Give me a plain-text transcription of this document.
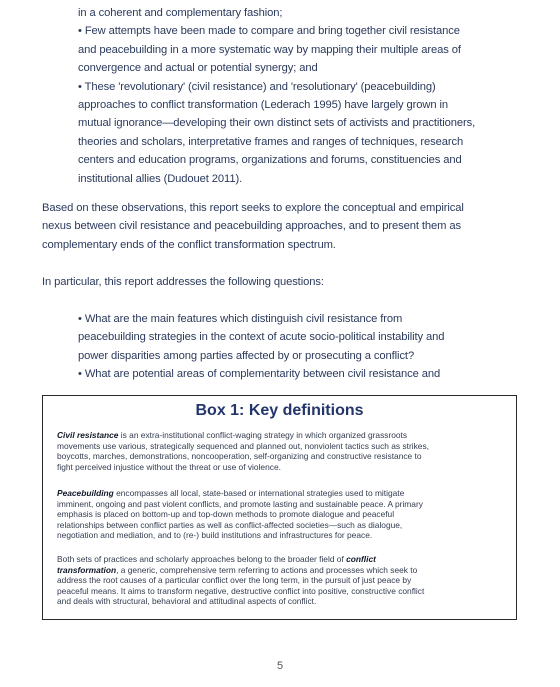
in a coherent and complementary fashion;
• Few attempts have been made to compare and bring together civil resistance
and peacebuilding in a more systematic way by mapping their multiple areas of
convergence and actual or potential synergy; and
• These 'revolutionary' (civil resistance) and 'resolutionary' (peacebuilding)
approaches to conflict transformation (Lederach 1995) have largely grown in
mutual ignorance—developing their own distinct sets of activists and practitioners,
theories and scholars, interpretative frames and ranges of techniques, research
centers and education programs, organizations and forums, constituencies and
institutional allies (Dudouet 2011).
Based on these observations, this report seeks to explore the conceptual and empirical
nexus between civil resistance and peacebuilding approaches, and to present them as
complementary ends of the conflict transformation spectrum.
In particular, this report addresses the following questions:
• What are the main features which distinguish civil resistance from
peacebuilding strategies in the context of acute socio-political instability and
power disparities among parties affected by or prosecuting a conflict?
• What are potential areas of complementarity between civil resistance and
Box 1: Key definitions
Civil resistance is an extra-institutional conflict-waging strategy in which organized grassroots
movements use various, strategically sequenced and planned out, nonviolent tactics such as strikes,
boycotts, marches, demonstrations, noncooperation, self-organizing and constructive resistance to
fight perceived injustice without the threat or use of violence.
Peacebuilding encompasses all local, state-based or international strategies used to mitigate
imminent, ongoing and past violent conflicts, and promote lasting and sustainable peace. A primary
emphasis is placed on bottom-up and top-down methods to promote dialogue and peaceful
relationships between conflict parties as well as conflict-affected societies—such as dialogue,
negotiation and mediation, and to (re-) build institutions and infrastructures for peace.
Both sets of practices and scholarly approaches belong to the broader field of conflict
transformation, a generic, comprehensive term referring to actions and processes which seek to
address the root causes of a particular conflict over the long term, in the pursuit of just peace by
peaceful means. It aims to transform negative, destructive conflict into positive, constructive conflict
and deals with structural, behavioral and attitudinal aspects of conflict.
5
